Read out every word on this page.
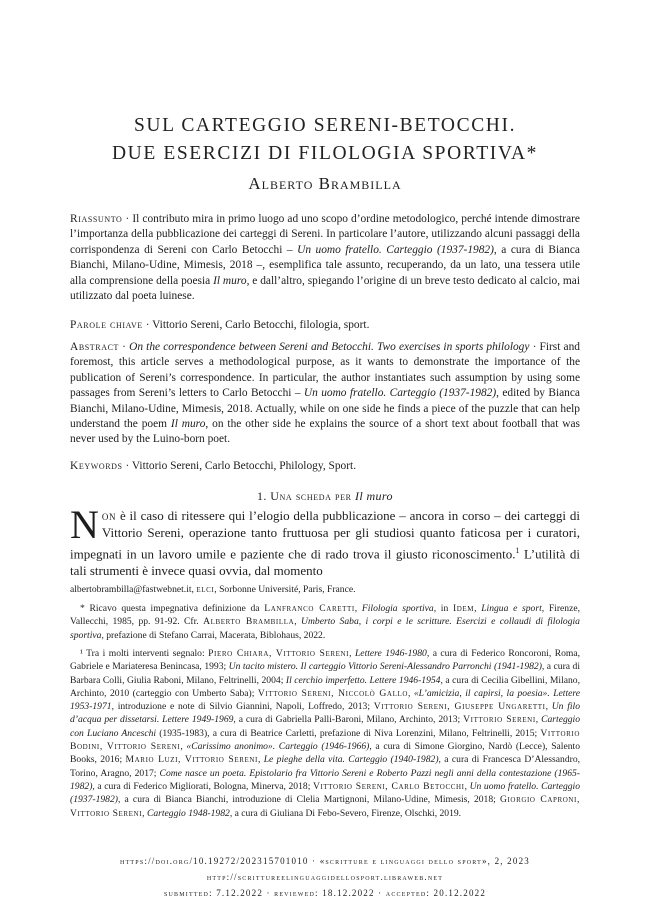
SUL CARTEGGIO SERENI-BETOCCHI.
DUE ESERCIZI DI FILOLOGIA SPORTIVA*
Alberto Brambilla

Riassunto · Il contributo mira in primo luogo ad uno scopo d’ordine metodologico, perché intende dimostrare l’importanza della pubblicazione dei carteggi di Sereni. In particolare l’autore, utilizzando alcuni passaggi della corrispondenza di Sereni con Carlo Betocchi – Un uomo fratello. Carteggio (1937-1982), a cura di Bianca Bianchi, Milano-Udine, Mimesis, 2018 –, esemplifica tale assunto, recuperando, da un lato, una tessera utile alla comprensione della poesia Il muro, e dall’altro, spiegando l’origine di un breve testo dedicato al calcio, mai utilizzato dal poeta luinese.

Parole chiave · Vittorio Sereni, Carlo Betocchi, filologia, sport.

Abstract · On the correspondence between Sereni and Betocchi. Two exercises in sports philology · First and foremost, this article serves a methodological purpose, as it wants to demonstrate the importance of the publication of Sereni’s correspondence. In particular, the author instantiates such assumption by using some passages from Sereni’s letters to Carlo Betocchi – Un uomo fratello. Carteggio (1937-1982), edited by Bianca Bianchi, Milano-Udine, Mimesis, 2018. Actually, while on one side he finds a piece of the puzzle that can help understand the poem Il muro, on the other side he explains the source of a short text about football that was never used by the Luino-born poet.

Keywords · Vittorio Sereni, Carlo Betocchi, Philology, Sport.

1. Una scheda per Il muro

Non è il caso di ritessere qui l’elogio della pubblicazione – ancora in corso – dei carteggi di Vittorio Sereni, operazione tanto fruttuosa per gli studiosi quanto faticosa per i curatori, impegnati in un lavoro umile e paziente che di rado trova il giusto riconoscimento.$^1$ L’utilità di tali strumenti è invece quasi ovvia, dal momento

albertobrambilla@fastwebnet.it, elci, Sorbonne Université, Paris, France.

* Ricavo questa impegnativa definizione da Lanfranco Caretti, Filologia sportiva, in Idem, Lingua e sport, Firenze, Vallecchi, 1985, pp. 91-92. Cfr. Alberto Brambilla, Umberto Saba, i corpi e le scritture. Esercizi e collaudi di filologia sportiva, prefazione di Stefano Carrai, Macerata, Biblohaus, 2022.

¹ Tra i molti interventi segnalo: Piero Chiara, Vittorio Sereni, Lettere 1946-1980, a cura di Federico Roncoroni, Roma, Gabriele e Mariateresa Benincasa, 1993; Un tacito mistero. Il carteggio Vittorio Sereni-Alessandro Parronchi (1941-1982), a cura di Barbara Colli, Giulia Raboni, Milano, Feltrinelli, 2004; Il cerchio imperfetto. Lettere 1946-1954, a cura di Cecilia Gibellini, Milano, Archinto, 2010 (carteggio con Umberto Saba); Vittorio Sereni, Niccolò Gallo, «L’amicizia, il capirsi, la poesia». Lettere 1953-1971, introduzione e note di Silvio Giannini, Napoli, Loffredo, 2013; Vittorio Sereni, Giuseppe Ungaretti, Un filo d’acqua per dissetarsi. Lettere 1949-1969, a cura di Gabriella Palli-Baroni, Milano, Archinto, 2013; Vittorio Sereni, Carteggio con Luciano Anceschi (1935-1983), a cura di Beatrice Carletti, prefazione di Niva Lorenzini, Milano, Feltrinelli, 2015; Vittorio Bodini, Vittorio Sereni, «Carissimo anonimo». Carteggio (1946-1966), a cura di Simone Giorgino, Nardò (Lecce), Salento Books, 2016; Mario Luzi, Vittorio Sereni, Le pieghe della vita. Carteggio (1940-1982), a cura di Francesca D’Alessandro, Torino, Aragno, 2017; Come nasce un poeta. Epistolario fra Vittorio Sereni e Roberto Pazzi negli anni della contestazione (1965-1982), a cura di Federico Migliorati, Bologna, Minerva, 2018; Vittorio Sereni, Carlo Betocchi, Un uomo fratello. Carteggio (1937-1982), a cura di Bianca Bianchi, introduzione di Clelia Martignoni, Milano-Udine, Mimesis, 2018; Giorgio Caproni, Vittorio Sereni, Carteggio 1948-1982, a cura di Giuliana Di Febo-Severo, Firenze, Olschki, 2019.

https://doi.org/10.19272/202315701010 · «scritture e linguaggi dello sport», 2, 2023
http://scrittureelinguaggidellosport.libraweb.net
submitted: 7.12.2022 · reviewed: 18.12.2022 · accepted: 20.12.2022
